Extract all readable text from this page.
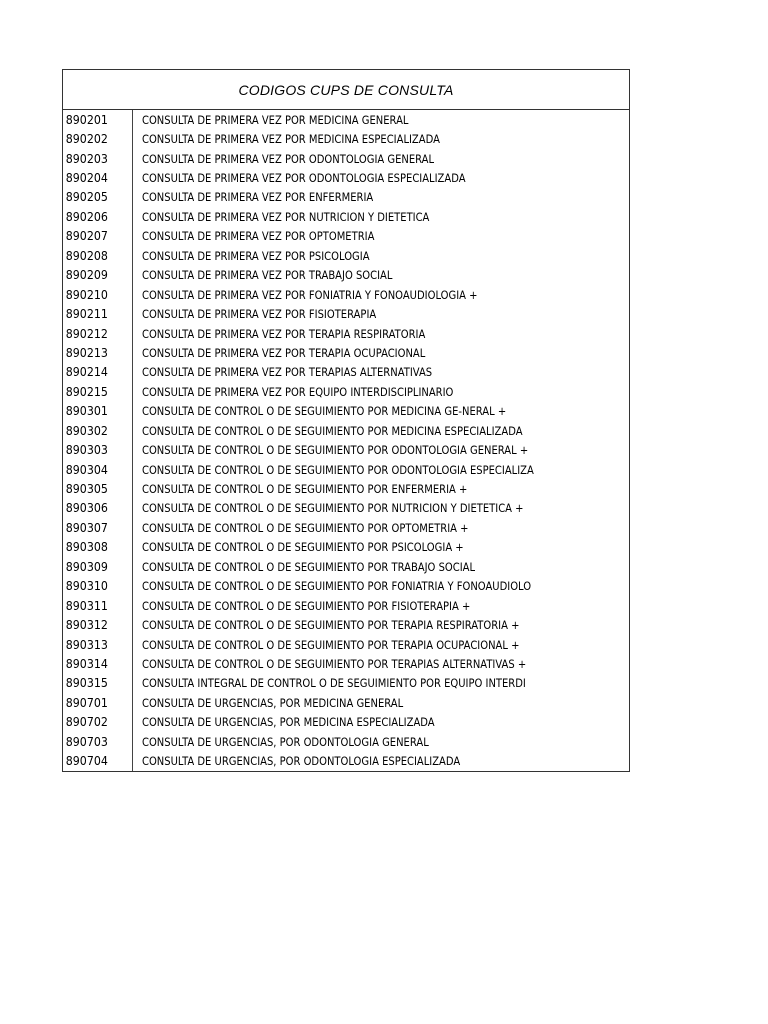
CODIGOS CUPS DE CONSULTA
890201	CONSULTA DE PRIMERA VEZ POR MEDICINA GENERAL
890202	CONSULTA DE PRIMERA VEZ POR MEDICINA ESPECIALIZADA
890203	CONSULTA DE PRIMERA VEZ POR ODONTOLOGIA GENERAL
890204	CONSULTA DE PRIMERA VEZ POR ODONTOLOGIA ESPECIALIZADA
890205	CONSULTA DE PRIMERA VEZ POR ENFERMERIA
890206	CONSULTA DE PRIMERA VEZ POR NUTRICION Y DIETETICA
890207	CONSULTA DE PRIMERA VEZ POR OPTOMETRIA
890208	CONSULTA DE PRIMERA VEZ POR PSICOLOGIA
890209	CONSULTA DE PRIMERA VEZ POR TRABAJO SOCIAL
890210	CONSULTA DE PRIMERA VEZ POR FONIATRIA Y FONOAUDIOLOGIA +
890211	CONSULTA DE PRIMERA VEZ POR FISIOTERAPIA
890212	CONSULTA DE PRIMERA VEZ POR TERAPIA RESPIRATORIA
890213	CONSULTA DE PRIMERA VEZ POR TERAPIA OCUPACIONAL
890214	CONSULTA DE PRIMERA VEZ POR TERAPIAS ALTERNATIVAS
890215	CONSULTA DE PRIMERA VEZ POR EQUIPO INTERDISCIPLINARIO
890301	CONSULTA DE CONTROL O DE SEGUIMIENTO POR MEDICINA GE-NERAL +
890302	CONSULTA DE CONTROL O DE SEGUIMIENTO POR MEDICINA ESPECIALIZADA
890303	CONSULTA DE CONTROL O DE SEGUIMIENTO POR ODONTOLOGIA GENERAL +
890304	CONSULTA DE CONTROL O DE SEGUIMIENTO POR ODONTOLOGIA ESPECIALIZA
890305	CONSULTA DE CONTROL O DE SEGUIMIENTO POR ENFERMERIA +
890306	CONSULTA DE CONTROL O DE SEGUIMIENTO POR NUTRICION Y DIETETICA +
890307	CONSULTA DE CONTROL O DE SEGUIMIENTO POR OPTOMETRIA +
890308	CONSULTA DE CONTROL O DE SEGUIMIENTO POR PSICOLOGIA +
890309	CONSULTA DE CONTROL O DE SEGUIMIENTO POR TRABAJO SOCIAL
890310	CONSULTA DE CONTROL O DE SEGUIMIENTO POR FONIATRIA Y FONOAUDIOLO
890311	CONSULTA DE CONTROL O DE SEGUIMIENTO POR FISIOTERAPIA +
890312	CONSULTA DE CONTROL O DE SEGUIMIENTO POR TERAPIA RESPIRATORIA +
890313	CONSULTA DE CONTROL O DE SEGUIMIENTO POR TERAPIA OCUPACIONAL +
890314	CONSULTA DE CONTROL O DE SEGUIMIENTO POR TERAPIAS ALTERNATIVAS +
890315	CONSULTA INTEGRAL DE CONTROL O DE SEGUIMIENTO POR EQUIPO INTERDI
890701	CONSULTA DE URGENCIAS, POR MEDICINA GENERAL
890702	CONSULTA DE URGENCIAS, POR MEDICINA ESPECIALIZADA
890703	CONSULTA DE URGENCIAS, POR ODONTOLOGIA GENERAL
890704	CONSULTA DE URGENCIAS, POR ODONTOLOGIA ESPECIALIZADA
